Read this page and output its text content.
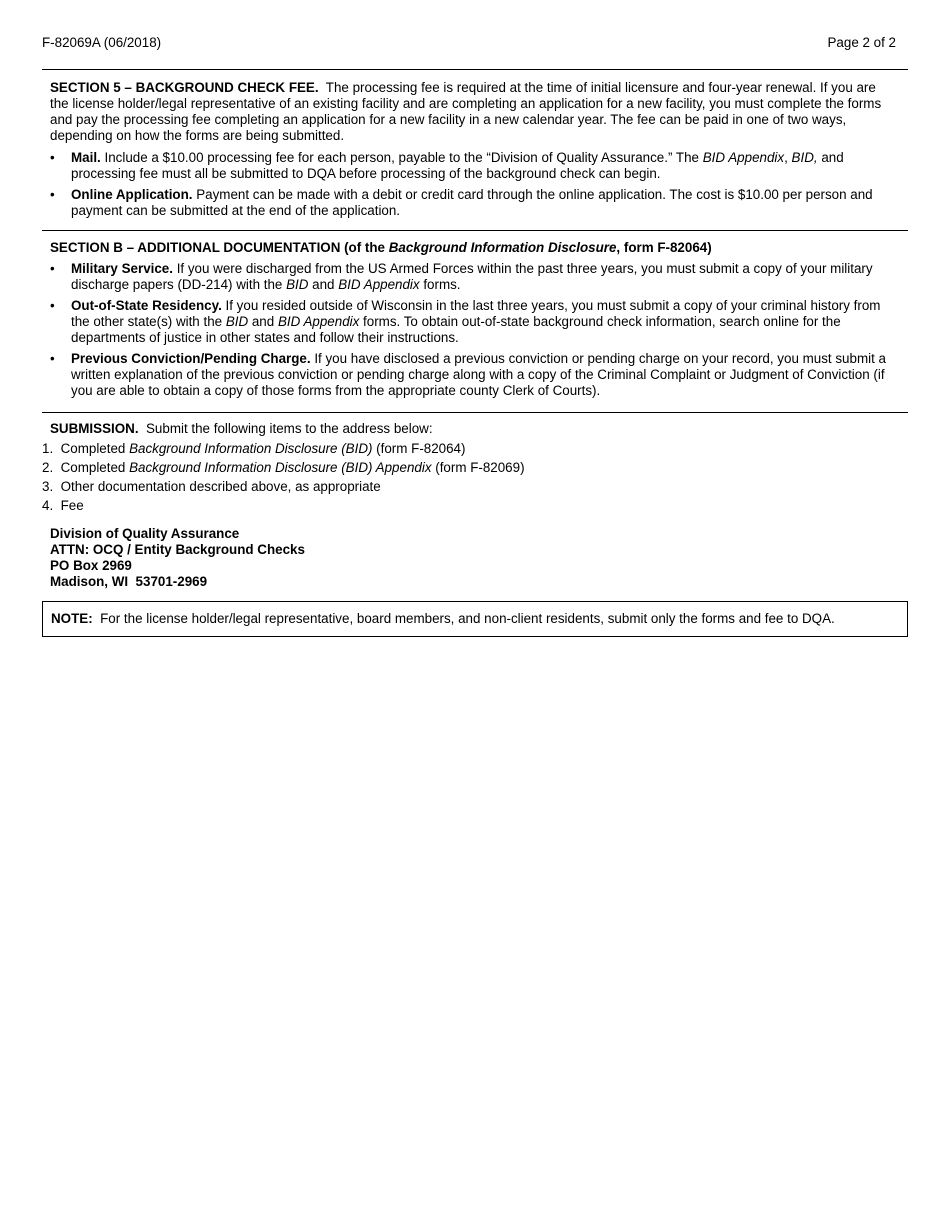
F-82069A (06/2018)	Page 2 of 2

SECTION 5 – BACKGROUND CHECK FEE. The processing fee is required at the time of initial licensure and four-year renewal. If you are the license holder/legal representative of an existing facility and are completing an application for a new facility, you must complete the forms and pay the processing fee completing an application for a new facility in a new calendar year. The fee can be paid in one of two ways, depending on how the forms are being submitted.

• Mail. Include a $10.00 processing fee for each person, payable to the “Division of Quality Assurance.” The BID Appendix, BID, and processing fee must all be submitted to DQA before processing of the background check can begin.
• Online Application. Payment can be made with a debit or credit card through the online application. The cost is $10.00 per person and payment can be submitted at the end of the application.

SECTION B – ADDITIONAL DOCUMENTATION (of the Background Information Disclosure, form F-82064)

• Military Service. If you were discharged from the US Armed Forces within the past three years, you must submit a copy of your military discharge papers (DD-214) with the BID and BID Appendix forms.
• Out-of-State Residency. If you resided outside of Wisconsin in the last three years, you must submit a copy of your criminal history from the other state(s) with the BID and BID Appendix forms. To obtain out-of-state background check information, search online for the departments of justice in other states and follow their instructions.
• Previous Conviction/Pending Charge. If you have disclosed a previous conviction or pending charge on your record, you must submit a written explanation of the previous conviction or pending charge along with a copy of the Criminal Complaint or Judgment of Conviction (if you are able to obtain a copy of those forms from the appropriate county Clerk of Courts).

SUBMISSION.  Submit the following items to the address below:

1.  Completed Background Information Disclosure (BID) (form F-82064)
2.  Completed Background Information Disclosure (BID) Appendix (form F-82069)
3.  Other documentation described above, as appropriate
4.  Fee
Division of Quality Assurance
ATTN: OCQ / Entity Background Checks
PO Box 2969
Madison, WI  53701-2969
NOTE:  For the license holder/legal representative, board members, and non-client residents, submit only the forms and fee to DQA.
